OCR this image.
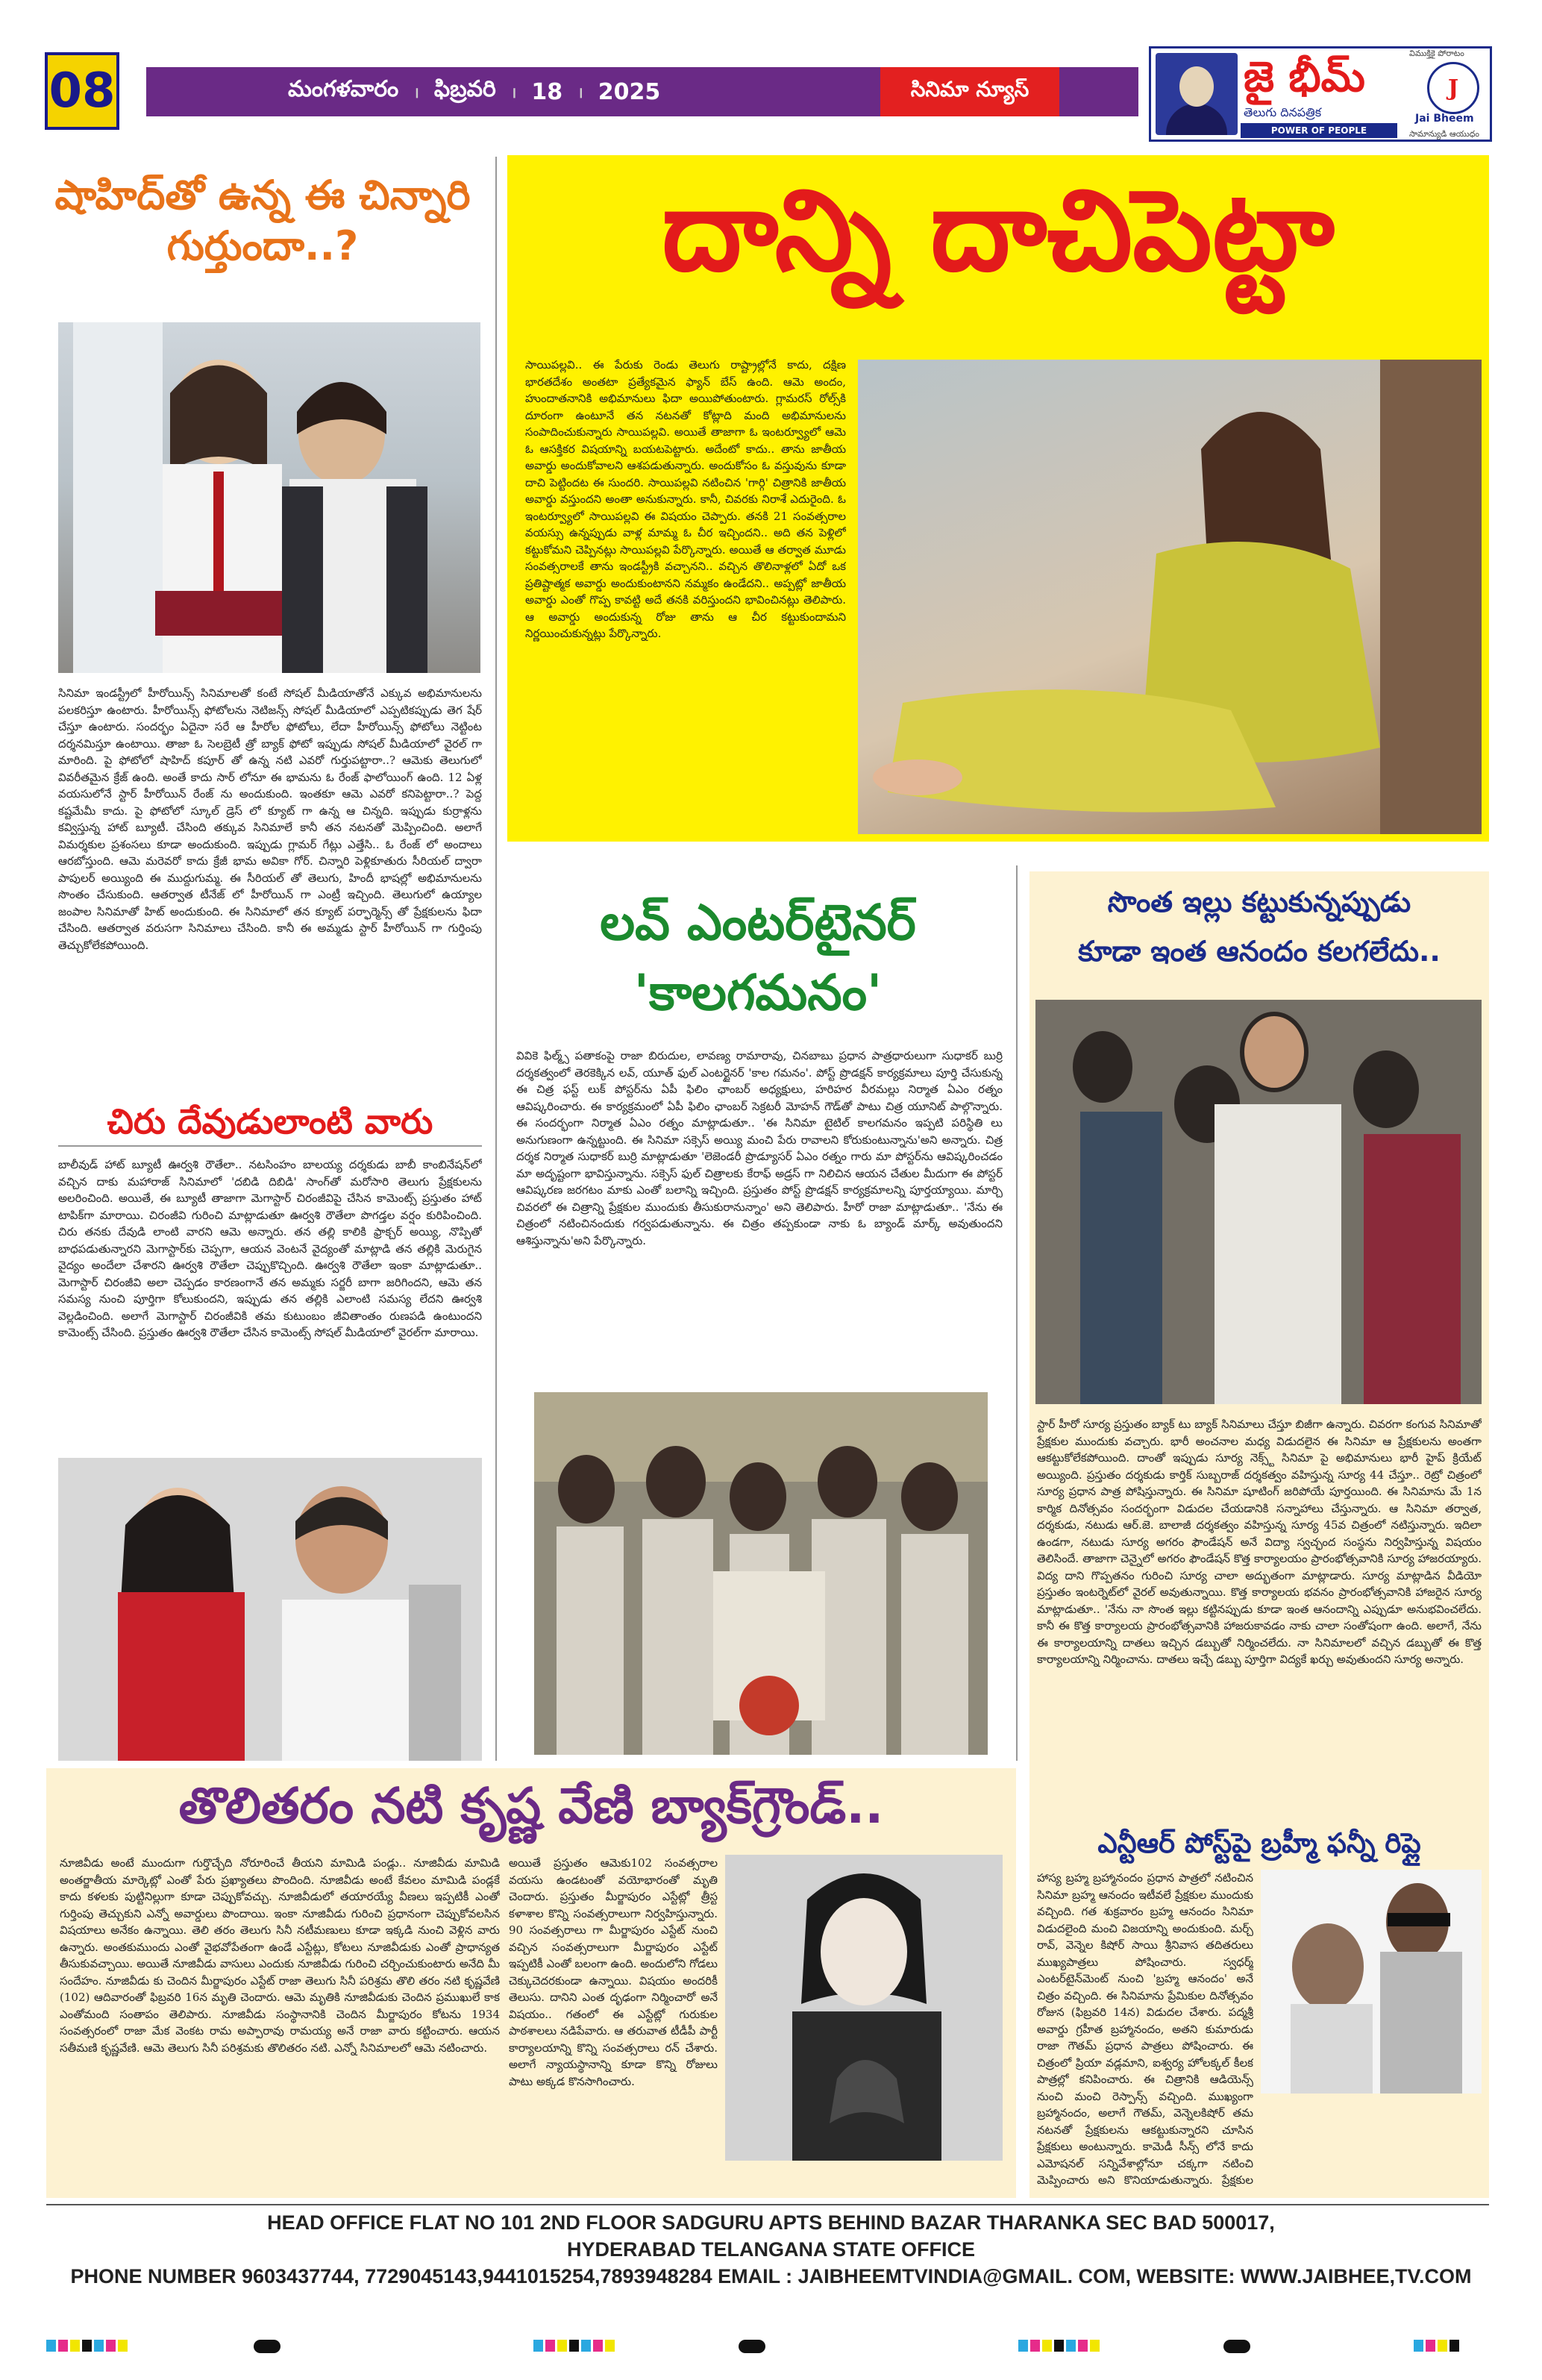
మంగళవారం । ఫిబ్రవరి । 18 । 2025
08	సినిమా న్యూస్	జై భీమ్
తెలుగు దినపత్రిక
POWER OF PEOPLE
విముక్తికై పోరాటం
J
Jai Bheem
సామాన్యుడి ఆయుధం
షాహిద్‌తో ఉన్న ఈ చిన్నారి గుర్తుందా..?
సినిమా ఇండస్ట్రీలో హీరోయిన్స్ సినిమాలతో కంటే సోషల్ మీడియాతోనే ఎక్కువ అభిమానులను పలకరిస్తూ ఉంటారు. హీరోయిన్స్ ఫోటోలను నెటిజన్స్ సోషల్ మీడియాలో ఎప్పటికప్పుడు తెగ షేర్ చేస్తూ ఉంటారు. సందర్భం ఏదైనా సరే ఆ హీరోల ఫోటోలు, లేదా హీరోయిన్స్ ఫోటోలు నెట్టింట దర్శనమిస్తూ ఉంటాయి. తాజా ఓ సెలబ్రెటీ త్రో బ్యాక్ ఫోటో ఇప్పుడు సోషల్ మీడియాలో వైరల్ గా మారింది. పై ఫోటోలో షాహిద్ కపూర్ తో ఉన్న నటి ఎవరో గుర్తుపట్టారా..? ఆమెకు తెలుగులో వివరీతమైన క్రేజ్ ఉంది. అంతే కాదు సార్ లోనూ ఈ భామను ఓ రేంజ్ ఫాలోయింగ్ ఉంది. 12 ఏళ్ల వయసులోనే స్టార్ హీరోయిన్ రేంజ్ ను అందుకుంది. ఇంతకూ ఆమె ఎవరో కనిపెట్టారా..? పెద్ద కష్టమేమీ కాదు. పై ఫోటోలో స్కూల్ డ్రెస్ లో క్యూట్ గా ఉన్న ఆ చిన్నది. ఇప్పుడు కుర్రాళ్లను కవ్విస్తున్న హాట్ బ్యూటీ. చేసింది తక్కువ సినిమాలే కానీ తన నటనతో మెప్పించింది. అలాగే విమర్శకుల ప్రశంసలు కూడా అందుకుంది. ఇప్పుడు గ్లామర్ గేట్లు ఎత్తేసి.. ఓ రేంజ్ లో అందాలు ఆరబోస్తుంది. ఆమె మరెవరో కాదు క్రేజీ భామ అవికా గోర్. చిన్నారి పెళ్లికూతురు సీరియల్ ద్వారా పాపులర్ అయ్యింది ఈ ముద్దుగుమ్మ. ఈ సీరియల్ తో తెలుగు, హిందీ భాషల్లో అభిమానులను సొంతం చేసుకుంది. ఆతర్వాత టీనేజ్ లో హీరోయిన్ గా ఎంట్రీ ఇచ్చింది. తెలుగులో ఉయ్యాల జంపాల సినిమాతో హిట్ అందుకుంది. ఈ సినిమాలో తన క్యూట్ పర్ఫార్మెన్స్ తో ప్రేక్షకులను ఫిదా చేసింది. ఆతర్వాత వరుసగా సినిమాలు చేసింది. కానీ ఈ అమ్మడు స్టార్ హీరోయిన్ గా గుర్తింపు తెచ్చుకోలేకపోయింది.
చిరు దేవుడులాంటి వారు
బాలీవుడ్ హాట్ బ్యూటీ ఊర్వశి రౌతేలా.. నటసింహం బాలయ్య దర్శకుడు బాబీ కాంబినేషన్‌లో వచ్చిన దాకు మహారాజ్ సినిమాలో 'దబిడి దిబిడి' సాంగ్‌తో మరోసారి తెలుగు ప్రేక్షకులను అలరించింది. అయితే, ఈ బ్యూటీ తాజాగా మెగాస్టార్ చిరంజీవిపై చేసిన కామెంట్స్ ప్రస్తుతం హాట్ టాపిక్‌గా మారాయి. చిరంజీవి గురించి మాట్లాడుతూ ఊర్వశి రౌతేలా పొగడ్తల వర్షం కురిపించింది. చిరు తనకు దేవుడి లాంటి వారని ఆమె అన్నారు. తన తల్లి కాలికి ఫ్రాక్చర్ అయ్యి, నొప్పితో బాధపడుతున్నారని మెగాస్టార్‌కు చెప్పగా, ఆయన వెంటనే వైద్యంతో మాట్లాడి తన తల్లికి మెరుగైన వైద్యం అందేలా చేశారని ఊర్వశి రౌతేలా చెప్పుకొచ్చింది. ఊర్వశి రౌతేలా ఇంకా మాట్లాడుతూ.. మెగాస్టార్ చిరంజీవి అలా చెప్పడం కారణంగానే తన అమ్మకు సర్జరీ బాగా జరిగిందని, ఆమె తన సమస్య నుంచి పూర్తిగా కోలుకుందని, ఇప్పుడు తన తల్లికి ఎలాంటి సమస్య లేదని ఊర్వశి వెల్లడించింది. అలాగే మెగాస్టార్ చిరంజీవికి తమ కుటుంబం జీవితాంతం రుణపడి ఉంటుందని కామెంట్స్ చేసింది. ప్రస్తుతం ఊర్వశి రౌతేలా చేసిన కామెంట్స్ సోషల్ మీడియాలో వైరల్‌గా మారాయి.
దాన్ని దాచిపెట్టా
సాయిపల్లవి.. ఈ పేరుకు రెండు తెలుగు రాష్ట్రాల్లోనే కాదు, దక్షిణ భారతదేశం అంతటా ప్రత్యేకమైన ఫ్యాన్ బేస్ ఉంది. ఆమె అందం, హుందాతనానికి అభిమానులు ఫిదా అయిపోతుంటారు. గ్లామరస్ రోల్స్‌కి దూరంగా ఉంటూనే తన నటనతో కోట్లాది మంది అభిమానులను సంపాదించుకున్నారు సాయిపల్లవి. అయితే తాజాగా ఓ ఇంటర్వ్యూలో ఆమె ఓ ఆసక్తికర విషయాన్ని బయటపెట్టారు. అదేంటో కాదు.. తాను జాతీయ అవార్డు అందుకోవాలని ఆశపడుతున్నారు. అందుకోసం ఓ వస్తువును కూడా దాచి పెట్టిందట ఈ సుందరి. సాయిపల్లవి నటించిన 'గార్గి' చిత్రానికి జాతీయ అవార్డు వస్తుందని అంతా అనుకున్నారు. కానీ, చివరకు నిరాశే ఎదురైంది. ఓ ఇంటర్వ్యూలో సాయిపల్లవి ఈ విషయం చెప్పారు. తనకి 21 సంవత్సరాల వయస్సు ఉన్నప్పుడు వాళ్ల మామ్మ ఓ చీర ఇచ్చిందని.. అది తన పెళ్లిలో కట్టుకోమని చెప్పినట్లు సాయిపల్లవి పేర్కొన్నారు. అయితే ఆ తర్వాత మూడు సంవత్సరాలకే తాను ఇండస్ట్రీకి వచ్చానని.. వచ్చిన తొలినాళ్లలో ఏదో ఒక ప్రతిష్టాత్మక అవార్డు అందుకుంటానని నమ్మకం ఉండేదని.. అప్పట్లో జాతీయ అవార్డు ఎంతో గొప్ప కావట్టి అదే తనకి వరిస్తుందని భావించినట్లు తెలిపారు. ఆ అవార్డు అందుకున్న రోజు తాను ఆ చీర కట్టుకుందామని నిర్ణయించుకున్నట్లు పేర్కొన్నారు.
లవ్ ఎంటర్‌టైనర్
'కాలగమనం'
వివికె ఫిల్మ్స్ పతాకంపై రాజా బిరుదుల, లావణ్య రామారావు, చినబాబు ప్రధాన పాత్రధారులుగా సుధాకర్ బుర్రి దర్శకత్వంలో తెరకెక్కిన లవ్, యూత్ ఫుల్ ఎంటర్టైనర్ 'కాల గమనం'. పోస్ట్ ప్రొడక్షన్ కార్యక్రమాలు పూర్తి చేసుకున్న ఈ చిత్ర ఫస్ట్ లుక్ పోస్టర్‌ను ఏపీ ఫిలిం ఛాంబర్ అధ్యక్షులు, హరిహర వీరమల్లు నిర్మాత ఏఎం రత్నం ఆవిష్కరించారు. ఈ కార్యక్రమంలో ఏపీ ఫిలిం ఛాంబర్ సెక్రటరీ మోహన్ గౌడ్‌తో పాటు చిత్ర యూనిట్ పాల్గొన్నారు. ఈ సందర్భంగా నిర్మాత ఏఎం రత్నం మాట్లాడుతూ.. 'ఈ సినిమా టైటిల్ కాలగమనం ఇప్పటి పరిస్థితి లు అనుగుణంగా ఉన్నట్టుంది. ఈ సినిమా సక్సెస్ అయ్యి మంచి పేరు రావాలని కోరుకుంటున్నాను'అని అన్నారు. చిత్ర దర్శక నిర్మాత సుధాకర్ బుర్రి మాట్లాడుతూ 'లెజెండరీ ప్రొడ్యూసర్ ఏఎం రత్నం గారు మా పోస్టర్‌ను ఆవిష్కరించడం మా అదృష్టంగా భావిస్తున్నాను. సక్సెస్ ఫుల్ చిత్రాలకు కేరాఫ్ అడ్రస్ గా నిలిచిన ఆయన చేతుల మీదుగా ఈ పోస్టర్ ఆవిష్కరణ జరగటం మాకు ఎంతో బలాన్ని ఇచ్చింది. ప్రస్తుతం పోస్ట్ ప్రొడక్షన్ కార్యక్రమాలన్ని పూర్తయ్యాయి. మార్చి చివరలో ఈ చిత్రాన్ని ప్రేక్షకుల ముందుకు తీసుకురానున్నాం' అని తెలిపారు. హీరో రాజా మాట్లాడుతూ.. 'నేను ఈ చిత్రంలో నటించినందుకు గర్వపడుతున్నాను. ఈ చిత్రం తప్పకుండా నాకు ఓ బ్యాండ్ మార్క్ అవుతుందని ఆశిస్తున్నాను'అని పేర్కొన్నారు.
సొంత ఇల్లు కట్టుకున్నప్పుడు
కూడా ఇంత ఆనందం కలగలేదు..
స్టార్ హీరో సూర్య ప్రస్తుతం బ్యాక్ టు బ్యాక్ సినిమాలు చేస్తూ బిజీగా ఉన్నారు. చివరగా కంగువ సినిమాతో ప్రేక్షకుల ముందుకు వచ్చారు. భారీ అంచనాల మధ్య విడుదలైన ఈ సినిమా ఆ ప్రేక్షకులను అంతగా ఆకట్టుకోలేకపోయింది. దాంతో ఇప్పుడు సూర్య నెక్స్ట్ సినిమా పై అభిమానులు భారీ హైప్ క్రియేట్ అయ్యింది. ప్రస్తుతం దర్శకుడు కార్తిక్ సుబ్బరాజ్ దర్శకత్వం వహిస్తున్న సూర్య 44 చేస్తూ.. రెట్రో చిత్రంలో సూర్య ప్రధాన పాత్ర పోషిస్తున్నారు. ఈ సినిమా షూటింగ్ జరిపోయే పూర్తయింది. ఈ సినిమాను మే 1న కార్మిక దినోత్సవం సందర్భంగా విడుదల చేయడానికి సన్నాహాలు చేస్తున్నారు. ఆ సినిమా తర్వాత, దర్శకుడు, నటుడు ఆర్.జె. బాలాజీ దర్శకత్వం వహిస్తున్న సూర్య 45వ చిత్రంలో నటిస్తున్నారు. ఇదిలా ఉండగా, నటుడు సూర్య అగరం ఫౌండేషన్ అనే విద్యా స్వచ్ఛంద సంస్థను నిర్వహిస్తున్న విషయం తెలిసిందే. తాజాగా చెన్నైలో అగరం ఫౌండేషన్ కొత్త కార్యాలయం ప్రారంభోత్సవానికి సూర్య హాజరయ్యారు. విద్య దాని గొప్పతనం గురించి సూర్య చాలా అద్భుతంగా మాట్లాడారు. సూర్య మాట్లాడిన వీడియో ప్రస్తుతం ఇంటర్నెట్‌లో వైరల్ అవుతున్నాయి. కొత్త కార్యాలయ భవనం ప్రారంభోత్సవానికి హాజరైన సూర్య మాట్లాడుతూ.. 'నేను నా సొంత ఇల్లు కట్టినప్పుడు కూడా ఇంత ఆనందాన్ని ఎప్పుడూ అనుభవించలేదు. కానీ ఈ కొత్త కార్యాలయ ప్రారంభోత్సవానికి హాజరుకావడం నాకు చాలా సంతోషంగా ఉంది. అలాగే, నేను ఈ కార్యాలయాన్ని దాతలు ఇచ్చిన డబ్బుతో నిర్మించలేదు. నా సినిమాలలో వచ్చిన డబ్బుతో ఈ కొత్త కార్యాలయాన్ని నిర్మించాను. దాతలు ఇచ్చే డబ్బు పూర్తిగా విద్యకే ఖర్చు అవుతుందని సూర్య అన్నారు.
ఎన్టీఆర్ పోస్ట్‌పై బ్రహ్మీ ఫన్నీ రిప్లై
హాస్య బ్రహ్మ బ్రహ్మానందం ప్రధాన పాత్రలో నటించిన సినిమా బ్రహ్మ ఆనందం ఇటీవలే ప్రేక్షకుల ముందుకు వచ్చింది. గత శుక్రవారం బ్రహ్మ ఆనందం సినిమా విడుదలైంది మంచి విజయాన్ని అందుకుంది. మర్చ్ రావ్, వెన్నెల కిషోర్ సాయి శ్రీనివాస తదితరులు ముఖ్యపాత్రలు పోషించారు. స్వధర్మ్ ఎంటర్‌టైన్‌మెంట్ నుంచి 'బ్రహ్మ ఆనందం' అనే చిత్రం వచ్చింది. ఈ సినిమాను ప్రేమికుల దినోత్సవం రోజున (ఫిబ్రవరి 14న) విడుదల చేశారు. పద్మశ్రీ అవార్డు గ్రహీత బ్రహ్మానందం, అతని కుమారుడు రాజా గౌతమ్ ప్రధాన పాత్రలు పోషించారు. ఈ చిత్రంలో ప్రియా వడ్లమాని, ఐశ్వర్య హోలక్కల్ కీలక పాత్రల్లో కనిపించారు. ఈ చిత్రానికి ఆడియెన్స్ నుంచి మంచి రెస్పాన్స్ వచ్చింది. ముఖ్యంగా బ్రహ్మానందం, అలాగే గౌతమ్, వెన్నెలకిషోర్ తమ నటనతో ప్రేక్షకులను ఆకట్టుకున్నారని చూసిన ప్రేక్షకులు అంటున్నారు. కామెడీ సీన్స్ లోనే కాదు ఎమోషనల్ సన్నివేశాల్లోనూ చక్కగా నటించి మెప్పించారు అని కొనియాడుతున్నారు. ప్రేక్షకుల
తొలితరం నటి కృష్ణ వేణి బ్యాక్‌గ్రౌండ్..
నూజివీడు అంటే ముందుగా గుర్తొచ్చేది నోరూరించే తీయని మామిడి పండ్లు.. నూజివీడు మామిడి అంతర్జాతీయ మార్కెట్లో ఎంతో పేరు ప్రఖ్యాతలు పొందింది. నూజివీడు అంటే కేవలం మామిడి పండ్లకే కాదు కళలకు పుట్టినిల్లుగా కూడా చెప్పుకోవచ్చు. నూజివీడులో తయారయ్యే వీణలు ఇప్పటికీ ఎంతో గుర్తింపు తెచ్చుకుని ఎన్నో అవార్డులు పొందాయి. ఇంకా నూజివీడు గురించి ప్రధానంగా చెప్పుకోవలసిన విషయాలు అనేకం ఉన్నాయి. తెలి తరం తెలుగు సినీ నటీమణులు కూడా ఇక్కడి నుంచి వెళ్లిన వారు ఉన్నారు. అంతకుముందు ఎంతో వైభవోపేతంగా ఉండే ఎస్టేట్లు, కోటలు నూజివీడుకు ఎంతో ప్రాధాన్యత తీసుకువచ్చాయి. అయితే నూజివీడు వాసులు ఎందుకు నూజివీడు గురించి చర్చించుకుంటారు అనేది మీ సందేహం. నూజివీడు కు చెందిన మీర్జాపురం ఎస్టేట్ రాజా తెలుగు సినీ పరిశ్రమ తొలి తరం నటి కృష్ణవేణి (102) ఆదివారంతో ఫిబ్రవరి 16న మృతి చెందారు. ఆమె మృతికి నూజివీడుకు చెందిన ప్రముఖులే కాక ఎంతోమంది సంతాపం తెలిపారు. నూజివీడు సంస్థానానికి చెందిన మీర్జాపురం కోటను 1934 సంవత్సరంలో రాజా మేక వెంకట రామ అప్పారావు రామయ్య అనే రాజా వారు కట్టించారు. ఆయన సతీమణి కృష్ణవేణి. ఆమె తెలుగు సినీ పరిశ్రమకు తొలితరం నటి. ఎన్నో సినిమాలలో ఆమె నటించారు.
అయితే ప్రస్తుతం ఆమెకు102 సంవత్సరాల వయసు ఉండటంతో వయోభారంతో మృతి చెందారు. ప్రస్తుతం మీర్జాపురం ఎస్టేట్లో త్రీస్ట కళాశాల కొన్ని సంవత్సరాలుగా నిర్వహిస్తున్నారు. 90 సంవత్సరాలు గా మీర్జాపురం ఎస్టేట్ నుంచి వచ్చిన సంవత్సరాలుగా మీర్జాపురం ఎస్టేట్ ఇప్పటికీ ఎంతో బలంగా ఉంది. అందులోని గోడలు చెక్కుచెదరకుండా ఉన్నాయి. విషయం అందరికీ తెలుసు. దానిని ఎంత దృఢంగా నిర్మించారో అనే విషయం.. గతంలో ఈ ఎస్టేట్లో గురుకుల పాఠశాలలు నడిపేవారు. ఆ తరువాత టీడీపీ పార్టీ కార్యాలయాన్ని కొన్ని సంవత్సరాలు రన్ చేశారు. అలాగే న్యాయస్థానాన్ని కూడా కొన్ని రోజులు పాటు అక్కడ కొనసాగించారు.
HEAD OFFICE FLAT NO 101 2ND FLOOR SADGURU APTS BEHIND BAZAR THARANKA SEC BAD 500017,
HYDERABAD TELANGANA STATE OFFICE
PHONE NUMBER 9603437744, 7729045143,9441015254,7893948284 EMAIL : JAIBHEEMTVINDIA@GMAIL. COM, WEBSITE: WWW.JAIBHEE,TV.COM
